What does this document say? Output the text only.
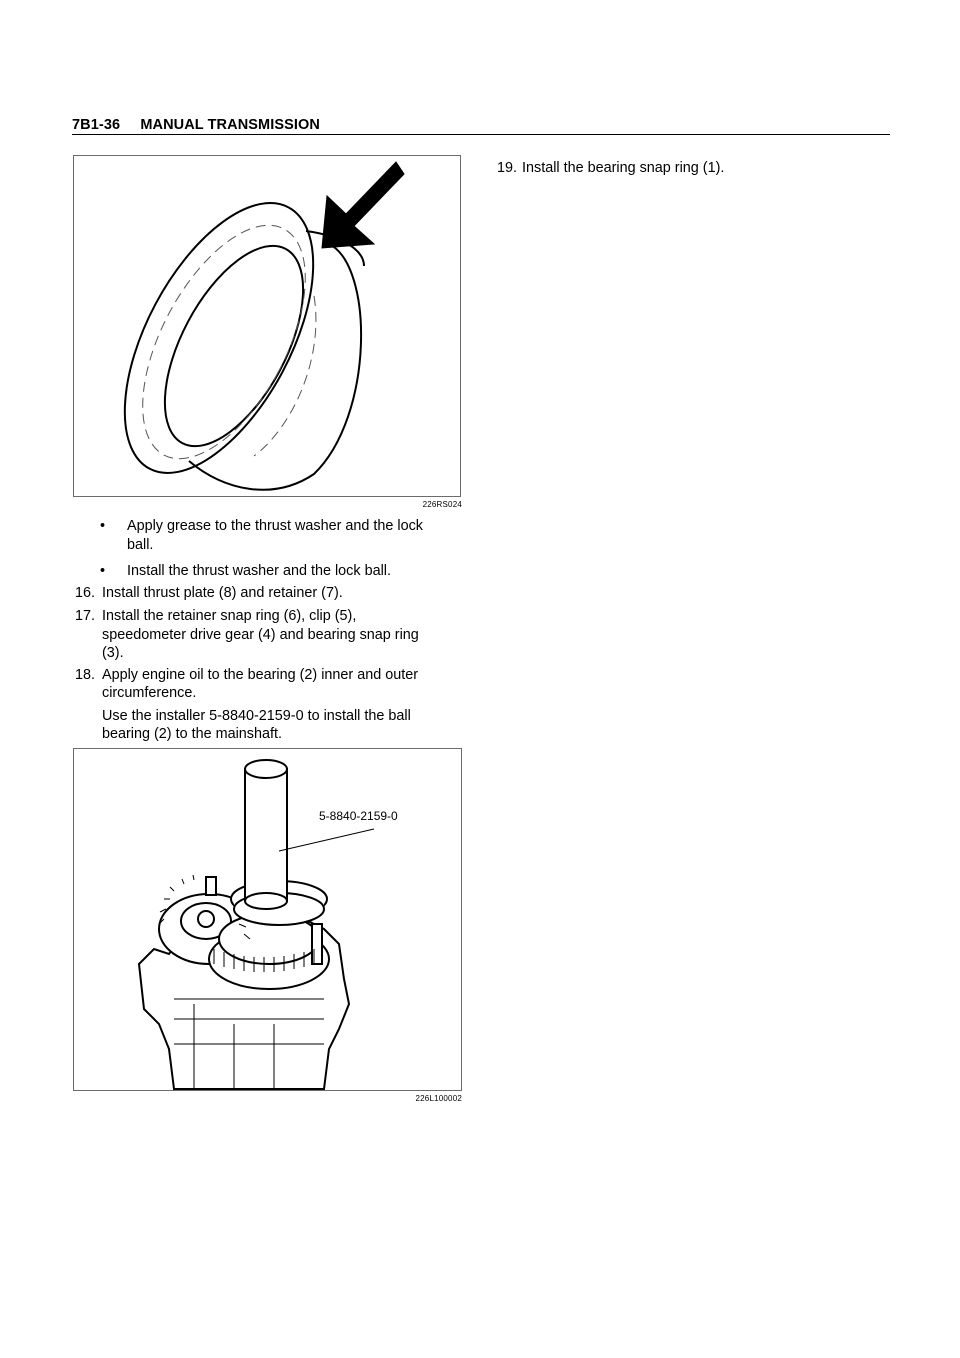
7B1-36 MANUAL TRANSMISSION
226RS024
• Apply grease to the thrust washer and the lock
ball.
• Install the thrust washer and the lock ball.
16. Install thrust plate (8) and retainer (7).
17. Install the retainer snap ring (6), clip (5),
speedometer drive gear (4) and bearing snap ring
(3).
18. Apply engine oil to the bearing (2) inner and outer
circumference.
Use the installer 5-8840-2159-0 to install the ball
bearing (2) to the mainshaft.
5-8840-2159-0
226L100002
19. Install the bearing snap ring (1).
